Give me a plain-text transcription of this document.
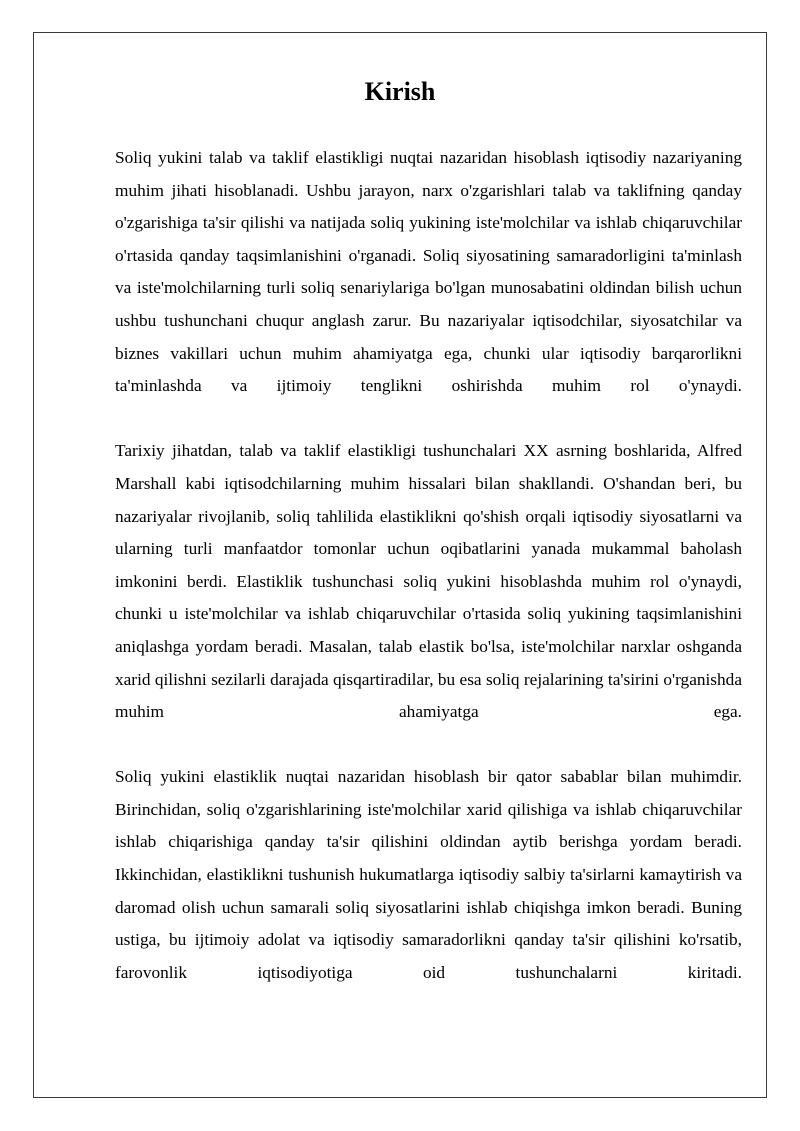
Kirish

Soliq yukini talab va taklif elastikligi nuqtai nazaridan hisoblash iqtisodiy nazariyaning muhim jihati hisoblanadi. Ushbu jarayon, narx o'zgarishlari talab va taklifning qanday o'zgarishiga ta'sir qilishi va natijada soliq yukining iste'molchilar va ishlab chiqaruvchilar o'rtasida qanday taqsimlanishini o'rganadi. Soliq siyosatining samaradorligini ta'minlash va iste'molchilarning turli soliq senariylariga bo'lgan munosabatini oldindan bilish uchun ushbu tushunchani chuqur anglash zarur. Bu nazariyalar iqtisodchilar, siyosatchilar va biznes vakillari uchun muhim ahamiyatga ega, chunki ular iqtisodiy barqarorlikni ta'minlashda va ijtimoiy tenglikni oshirishda muhim rol o'ynaydi.

Tarixiy jihatdan, talab va taklif elastikligi tushunchalari XX asrning boshlarida, Alfred Marshall kabi iqtisodchilarning muhim hissalari bilan shakllandi. O'shandan beri, bu nazariyalar rivojlanib, soliq tahlilida elastiklikni qo'shish orqali iqtisodiy siyosatlarni va ularning turli manfaatdor tomonlar uchun oqibatlarini yanada mukammal baholash imkonini berdi. Elastiklik tushunchasi soliq yukini hisoblashda muhim rol o'ynaydi, chunki u iste'molchilar va ishlab chiqaruvchilar o'rtasida soliq yukining taqsimlanishini aniqlashga yordam beradi. Masalan, talab elastik bo'lsa, iste'molchilar narxlar oshganda xarid qilishni sezilarli darajada qisqartiradilar, bu esa soliq rejalarining ta'sirini o'rganishda muhim ahamiyatga ega.

Soliq yukini elastiklik nuqtai nazaridan hisoblash bir qator sabablar bilan muhimdir. Birinchidan, soliq o'zgarishlarining iste'molchilar xarid qilishiga va ishlab chiqaruvchilar ishlab chiqarishiga qanday ta'sir qilishini oldindan aytib berishga yordam beradi. Ikkinchidan, elastiklikni tushunish hukumatlarga iqtisodiy salbiy ta'sirlarni kamaytirish va daromad olish uchun samarali soliq siyosatlarini ishlab chiqishga imkon beradi. Buning ustiga, bu ijtimoiy adolat va iqtisodiy samaradorlikni qanday ta'sir qilishini ko'rsatib, farovonlik iqtisodiyotiga oid tushunchalarni kiritadi.
